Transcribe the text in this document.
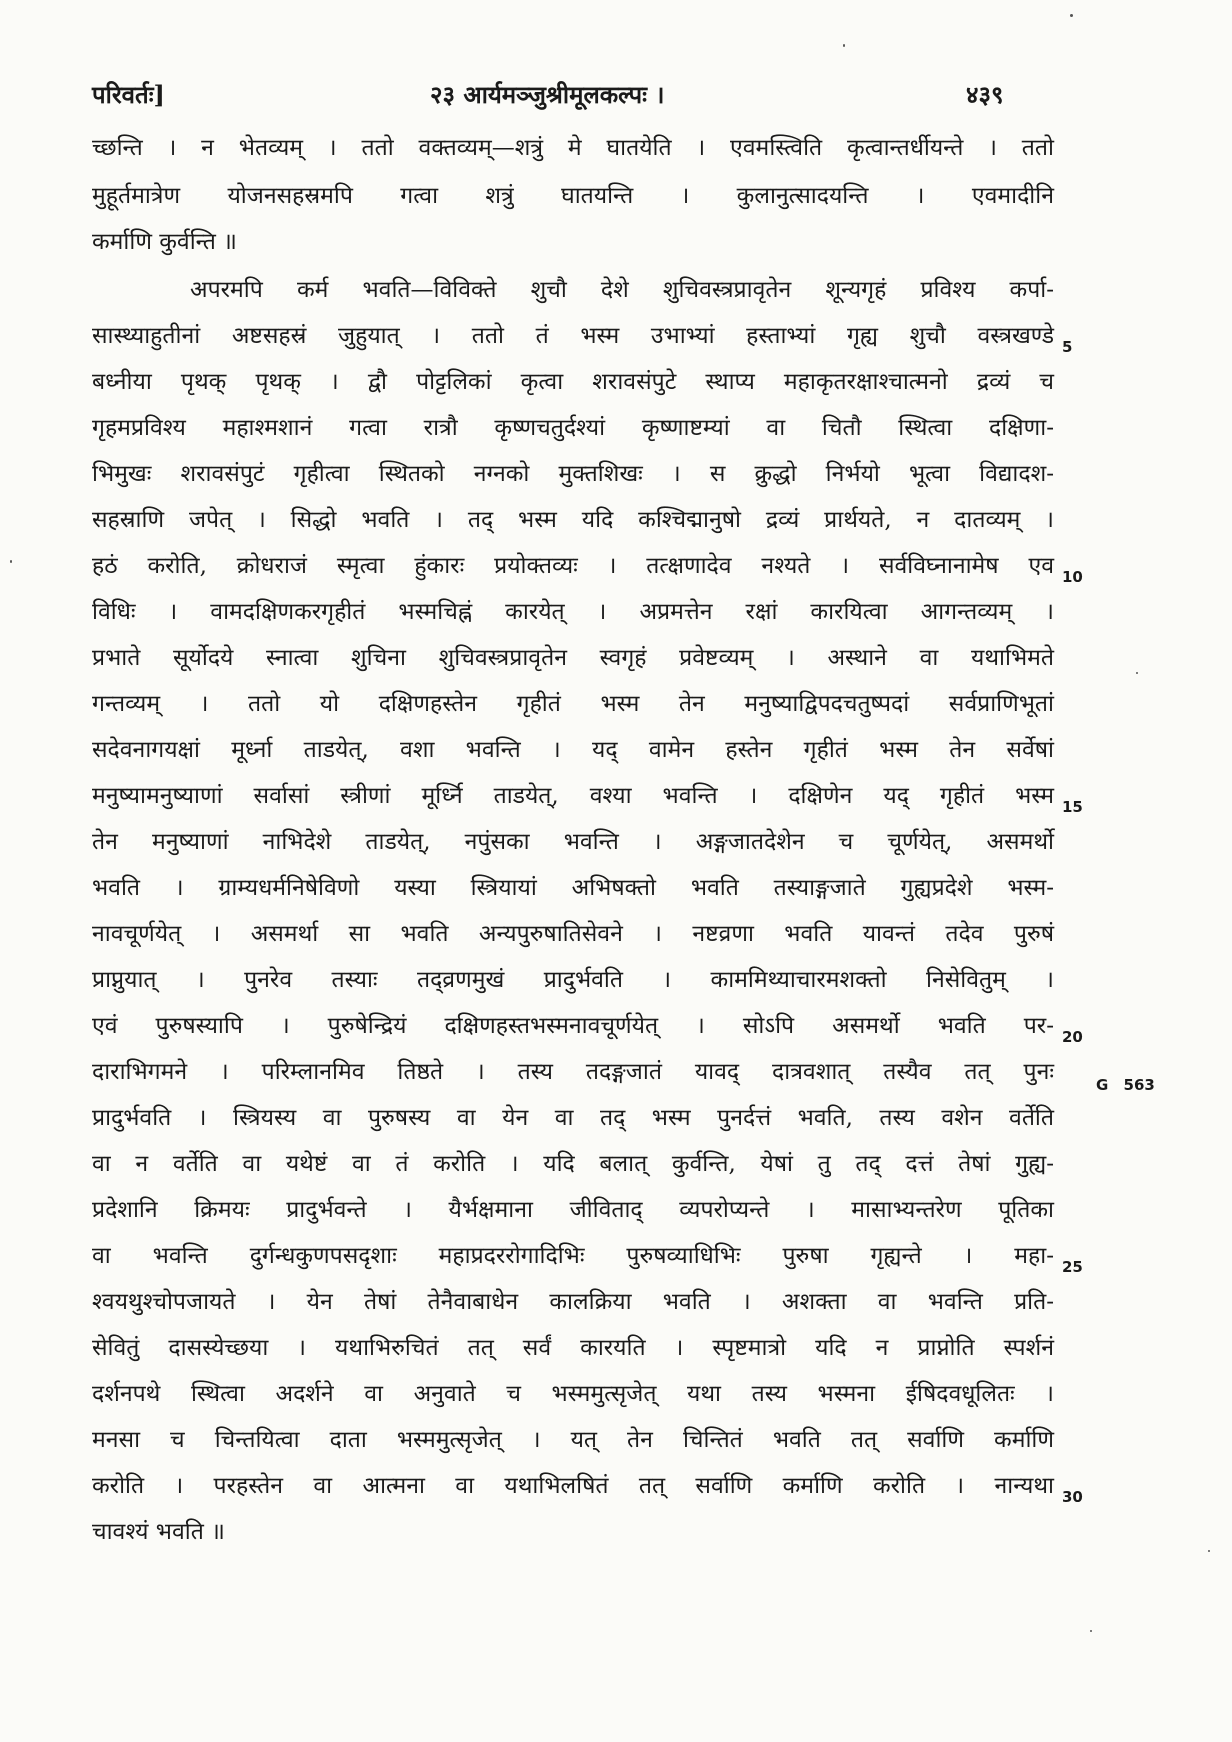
परिवर्तः]	२३ आर्यमञ्जुश्रीमूलकल्पः ।	४३९
च्छन्ति । न भेतव्यम् । ततो वक्तव्यम्—शत्रुं मे घातयेति । एवमस्त्विति कृत्वान्तर्धीयन्ते । ततो
मुहूर्तमात्रेण योजनसहस्रमपि गत्वा शत्रुं घातयन्ति । कुलानुत्सादयन्ति । एवमादीनि
कर्माणि कुर्वन्ति ॥
अपरमपि कर्म भवति—विविक्ते शुचौ देशे शुचिवस्त्रप्रावृतेन शून्यगृहं प्रविश्य कर्पा-
सास्थ्याहुतीनां अष्टसहस्रं जुहुयात् । ततो तं भस्म उभाभ्यां हस्ताभ्यां गृह्य शुचौ वस्त्रखण्डे
बध्नीया पृथक् पृथक् । द्वौ पोट्टलिकां कृत्वा शरावसंपुटे स्थाप्य महाकृतरक्षाश्चात्मनो द्रव्यं च
गृहमप्रविश्य महाश्मशानं गत्वा रात्रौ कृष्णचतुर्दश्यां कृष्णाष्टम्यां वा चितौ स्थित्वा दक्षिणा-
भिमुखः शरावसंपुटं गृहीत्वा स्थितको नग्नको मुक्तशिखः । स क्रुद्धो निर्भयो भूत्वा विद्यादश-
सहस्राणि जपेत् । सिद्धो भवति । तद् भस्म यदि कश्चिद्मानुषो द्रव्यं प्रार्थयते, न दातव्यम् ।
हठं करोति, क्रोधराजं स्मृत्वा हुंकारः प्रयोक्तव्यः । तत्क्षणादेव नश्यते । सर्वविघ्नानामेष एव
विधिः । वामदक्षिणकरगृहीतं भस्मचिह्नं कारयेत् । अप्रमत्तेन रक्षां कारयित्वा आगन्तव्यम् ।
प्रभाते सूर्योदये स्नात्वा शुचिना शुचिवस्त्रप्रावृतेन स्वगृहं प्रवेष्टव्यम् । अस्थाने वा यथाभिमते
गन्तव्यम् । ततो यो दक्षिणहस्तेन गृहीतं भस्म तेन मनुष्याद्विपदचतुष्पदां सर्वप्राणिभूतां
सदेवनागयक्षां मूर्ध्ना ताडयेत्, वशा भवन्ति । यद् वामेन हस्तेन गृहीतं भस्म तेन सर्वेषां
मनुष्यामनुष्याणां सर्वासां स्त्रीणां मूर्ध्नि ताडयेत्, वश्या भवन्ति । दक्षिणेन यद् गृहीतं भस्म
तेन मनुष्याणां नाभिदेशे ताडयेत्, नपुंसका भवन्ति । अङ्गजातदेशेन च चूर्णयेत्, असमर्थो
भवति । ग्राम्यधर्मनिषेविणो यस्या स्त्रियायां अभिषक्तो भवति तस्याङ्गजाते गुह्यप्रदेशे भस्म-
नावचूर्णयेत् । असमर्था सा भवति अन्यपुरुषातिसेवने । नष्टव्रणा भवति यावन्तं तदेव पुरुषं
प्राप्नुयात् । पुनरेव तस्याः तद्व्रणमुखं प्रादुर्भवति । काममिथ्याचारमशक्तो निसेवितुम् ।
एवं पुरुषस्यापि । पुरुषेन्द्रियं दक्षिणहस्तभस्मनावचूर्णयेत् । सोऽपि असमर्थो भवति पर-
दाराभिगमने । परिम्लानमिव तिष्ठते । तस्य तदङ्गजातं यावद् दात्रवशात् तस्यैव तत् पुनः
प्रादुर्भवति । स्त्रियस्य वा पुरुषस्य वा येन वा तद् भस्म पुनर्दत्तं भवति, तस्य वशेन वर्तेति
वा न वर्तेति वा यथेष्टं वा तं करोति । यदि बलात् कुर्वन्ति, येषां तु तद् दत्तं तेषां गुह्य-
प्रदेशानि क्रिमयः प्रादुर्भवन्ते । यैर्भक्षमाना जीविताद् व्यपरोप्यन्ते । मासाभ्यन्तरेण पूतिका
वा भवन्ति दुर्गन्धकुणपसदृशाः महाप्रदररोगादिभिः पुरुषव्याधिभिः पुरुषा गृह्यन्ते । महा-
श्वयथुश्चोपजायते । येन तेषां तेनैवाबाधेन कालक्रिया भवति । अशक्ता वा भवन्ति प्रति-
सेवितुं दासस्येच्छया । यथाभिरुचितं तत् सर्वं कारयति । स्पृष्टमात्रो यदि न प्राप्नोति स्पर्शनं
दर्शनपथे स्थित्वा अदर्शने वा अनुवाते च भस्ममुत्सृजेत् यथा तस्य भस्मना ईषिदवधूलितः ।
मनसा च चिन्तयित्वा दाता भस्ममुत्सृजेत् । यत् तेन चिन्तितं भवति तत् सर्वाणि कर्माणि
करोति । परहस्तेन वा आत्मना वा यथाभिलषितं तत् सर्वाणि कर्माणि करोति । नान्यथा
चावश्यं भवति ॥
5
10
15
20
25
30
G 563
